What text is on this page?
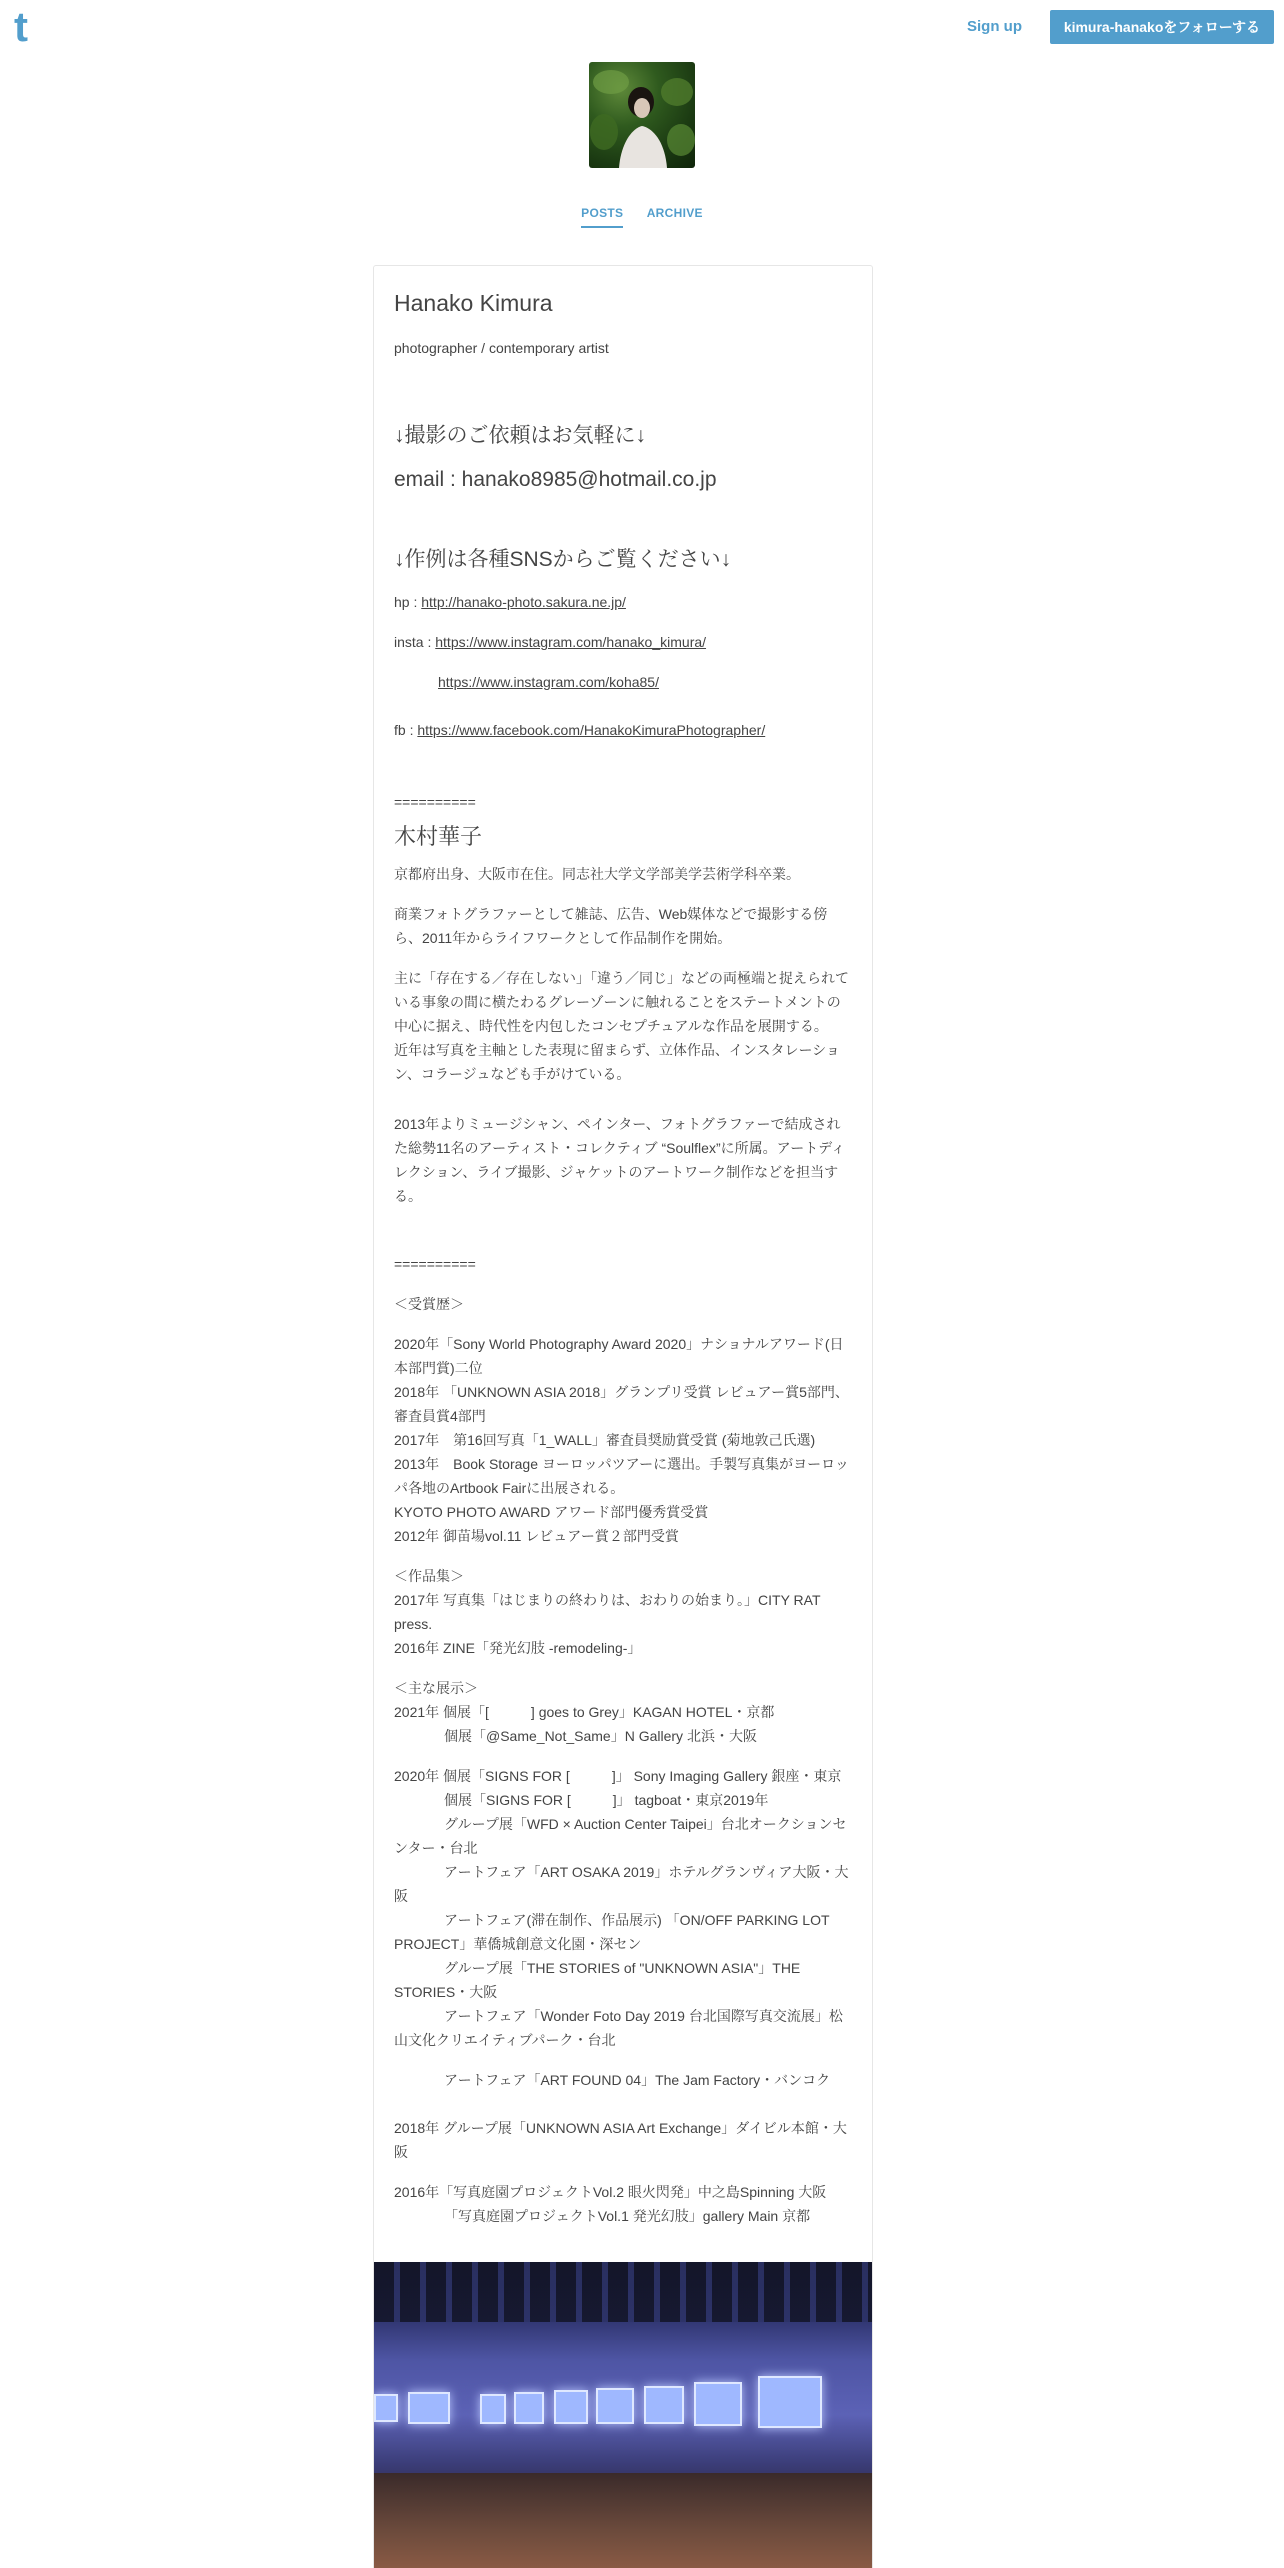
t	Sign up	kimura-hanakoをフォローする
POSTS ARCHIVE
Hanako Kimura

photographer / contemporary artist

↓撮影のご依頼はお気軽に↓

email : hanako8985@hotmail.co.jp

↓作例は各種SNSからご覧ください↓

hp : http://hanako-photo.sakura.ne.jp/

insta : https://www.instagram.com/hanako_kimura/

https://www.instagram.com/koha85/

fb : https://www.facebook.com/HanakoKimuraPhotographer/

==========

木村華子

京都府出身、大阪市在住。同志社大学文学部美学芸術学科卒業。

商業フォトグラファーとして雑誌、広告、Web媒体などで撮影する傍ら、2011年からライフワークとして作品制作を開始。

主に「存在する／存在しない」「違う／同じ」などの両極端と捉えられている事象の間に横たわるグレーゾーンに触れることをステートメントの中心に据え、時代性を内包したコンセプチュアルな作品を展開する。

近年は写真を主軸とした表現に留まらず、立体作品、インスタレーション、コラージュなども手がけている。

2013年よりミュージシャン、ペインター、フォトグラファーで結成された総勢11名のアーティスト・コレクティブ “Soulflex”に所属。アートディレクション、ライブ撮影、ジャケットのアートワーク制作などを担当する。

==========

＜受賞歴＞

2020年「Sony World Photography Award 2020」ナショナルアワード(日本部門賞)二位
2018年 「UNKNOWN ASIA 2018」グランプリ受賞 レビュアー賞5部門、審査員賞4部門
2017年　第16回写真「1_WALL」審査員奨励賞受賞 (菊地敦己氏選)
2013年　Book Storage ヨーロッパツアーに選出。手製写真集がヨーロッパ各地のArtbook Fairに出展される。
KYOTO PHOTO AWARD アワード部門優秀賞受賞
2012年 御苗場vol.11 レビュアー賞２部門受賞
＜作品集＞
2017年 写真集「はじまりの終わりは、おわりの始まり。」CITY RAT press.
2016年 ZINE「発光幻肢 -remodeling-」
＜主な展示＞
2021年 個展「[　　　] goes to Grey」KAGAN HOTEL・京都
個展「@Same_Not_Same」N Gallery 北浜・大阪
2020年 個展「SIGNS FOR [　　　]」 Sony Imaging Gallery 銀座・東京
個展「SIGNS FOR [　　　]」 tagboat・東京2019年
グループ展「WFD × Auction Center Taipei」台北オークションセンター・台北
アートフェア「ART OSAKA 2019」ホテルグランヴィア大阪・大阪
アートフェア(滞在制作、作品展示) 「ON/OFF PARKING LOT PROJECT」華僑城創意文化園・深セン
グループ展「THE STORIES of "UNKNOWN ASIA"」THE STORIES・大阪
アートフェア「Wonder Foto Day 2019 台北国際写真交流展」松山文化クリエイティブパーク・台北
アートフェア「ART FOUND 04」The Jam Factory・バンコク
2018年 グループ展「UNKNOWN ASIA Art Exchange」ダイビル本館・大阪
2016年「写真庭園プロジェクトVol.2 眼火閃発」中之島Spinning 大阪
「写真庭園プロジェクトVol.1 発光幻肢」gallery Main 京都
